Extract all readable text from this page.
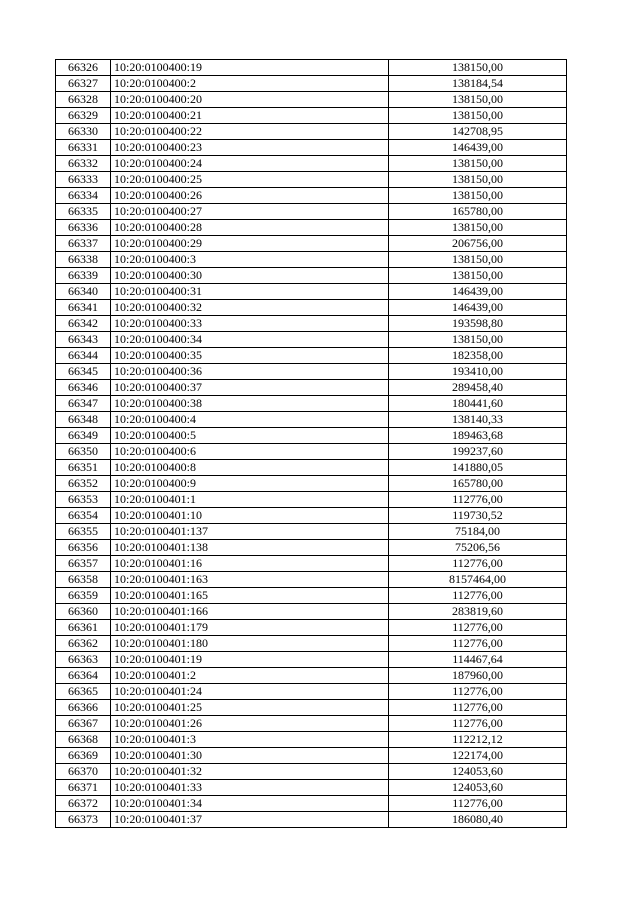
66326	10:20:0100400:19	138150,00
66327	10:20:0100400:2	138184,54
66328	10:20:0100400:20	138150,00
66329	10:20:0100400:21	138150,00
66330	10:20:0100400:22	142708,95
66331	10:20:0100400:23	146439,00
66332	10:20:0100400:24	138150,00
66333	10:20:0100400:25	138150,00
66334	10:20:0100400:26	138150,00
66335	10:20:0100400:27	165780,00
66336	10:20:0100400:28	138150,00
66337	10:20:0100400:29	206756,00
66338	10:20:0100400:3	138150,00
66339	10:20:0100400:30	138150,00
66340	10:20:0100400:31	146439,00
66341	10:20:0100400:32	146439,00
66342	10:20:0100400:33	193598,80
66343	10:20:0100400:34	138150,00
66344	10:20:0100400:35	182358,00
66345	10:20:0100400:36	193410,00
66346	10:20:0100400:37	289458,40
66347	10:20:0100400:38	180441,60
66348	10:20:0100400:4	138140,33
66349	10:20:0100400:5	189463,68
66350	10:20:0100400:6	199237,60
66351	10:20:0100400:8	141880,05
66352	10:20:0100400:9	165780,00
66353	10:20:0100401:1	112776,00
66354	10:20:0100401:10	119730,52
66355	10:20:0100401:137	75184,00
66356	10:20:0100401:138	75206,56
66357	10:20:0100401:16	112776,00
66358	10:20:0100401:163	8157464,00
66359	10:20:0100401:165	112776,00
66360	10:20:0100401:166	283819,60
66361	10:20:0100401:179	112776,00
66362	10:20:0100401:180	112776,00
66363	10:20:0100401:19	114467,64
66364	10:20:0100401:2	187960,00
66365	10:20:0100401:24	112776,00
66366	10:20:0100401:25	112776,00
66367	10:20:0100401:26	112776,00
66368	10:20:0100401:3	112212,12
66369	10:20:0100401:30	122174,00
66370	10:20:0100401:32	124053,60
66371	10:20:0100401:33	124053,60
66372	10:20:0100401:34	112776,00
66373	10:20:0100401:37	186080,40
